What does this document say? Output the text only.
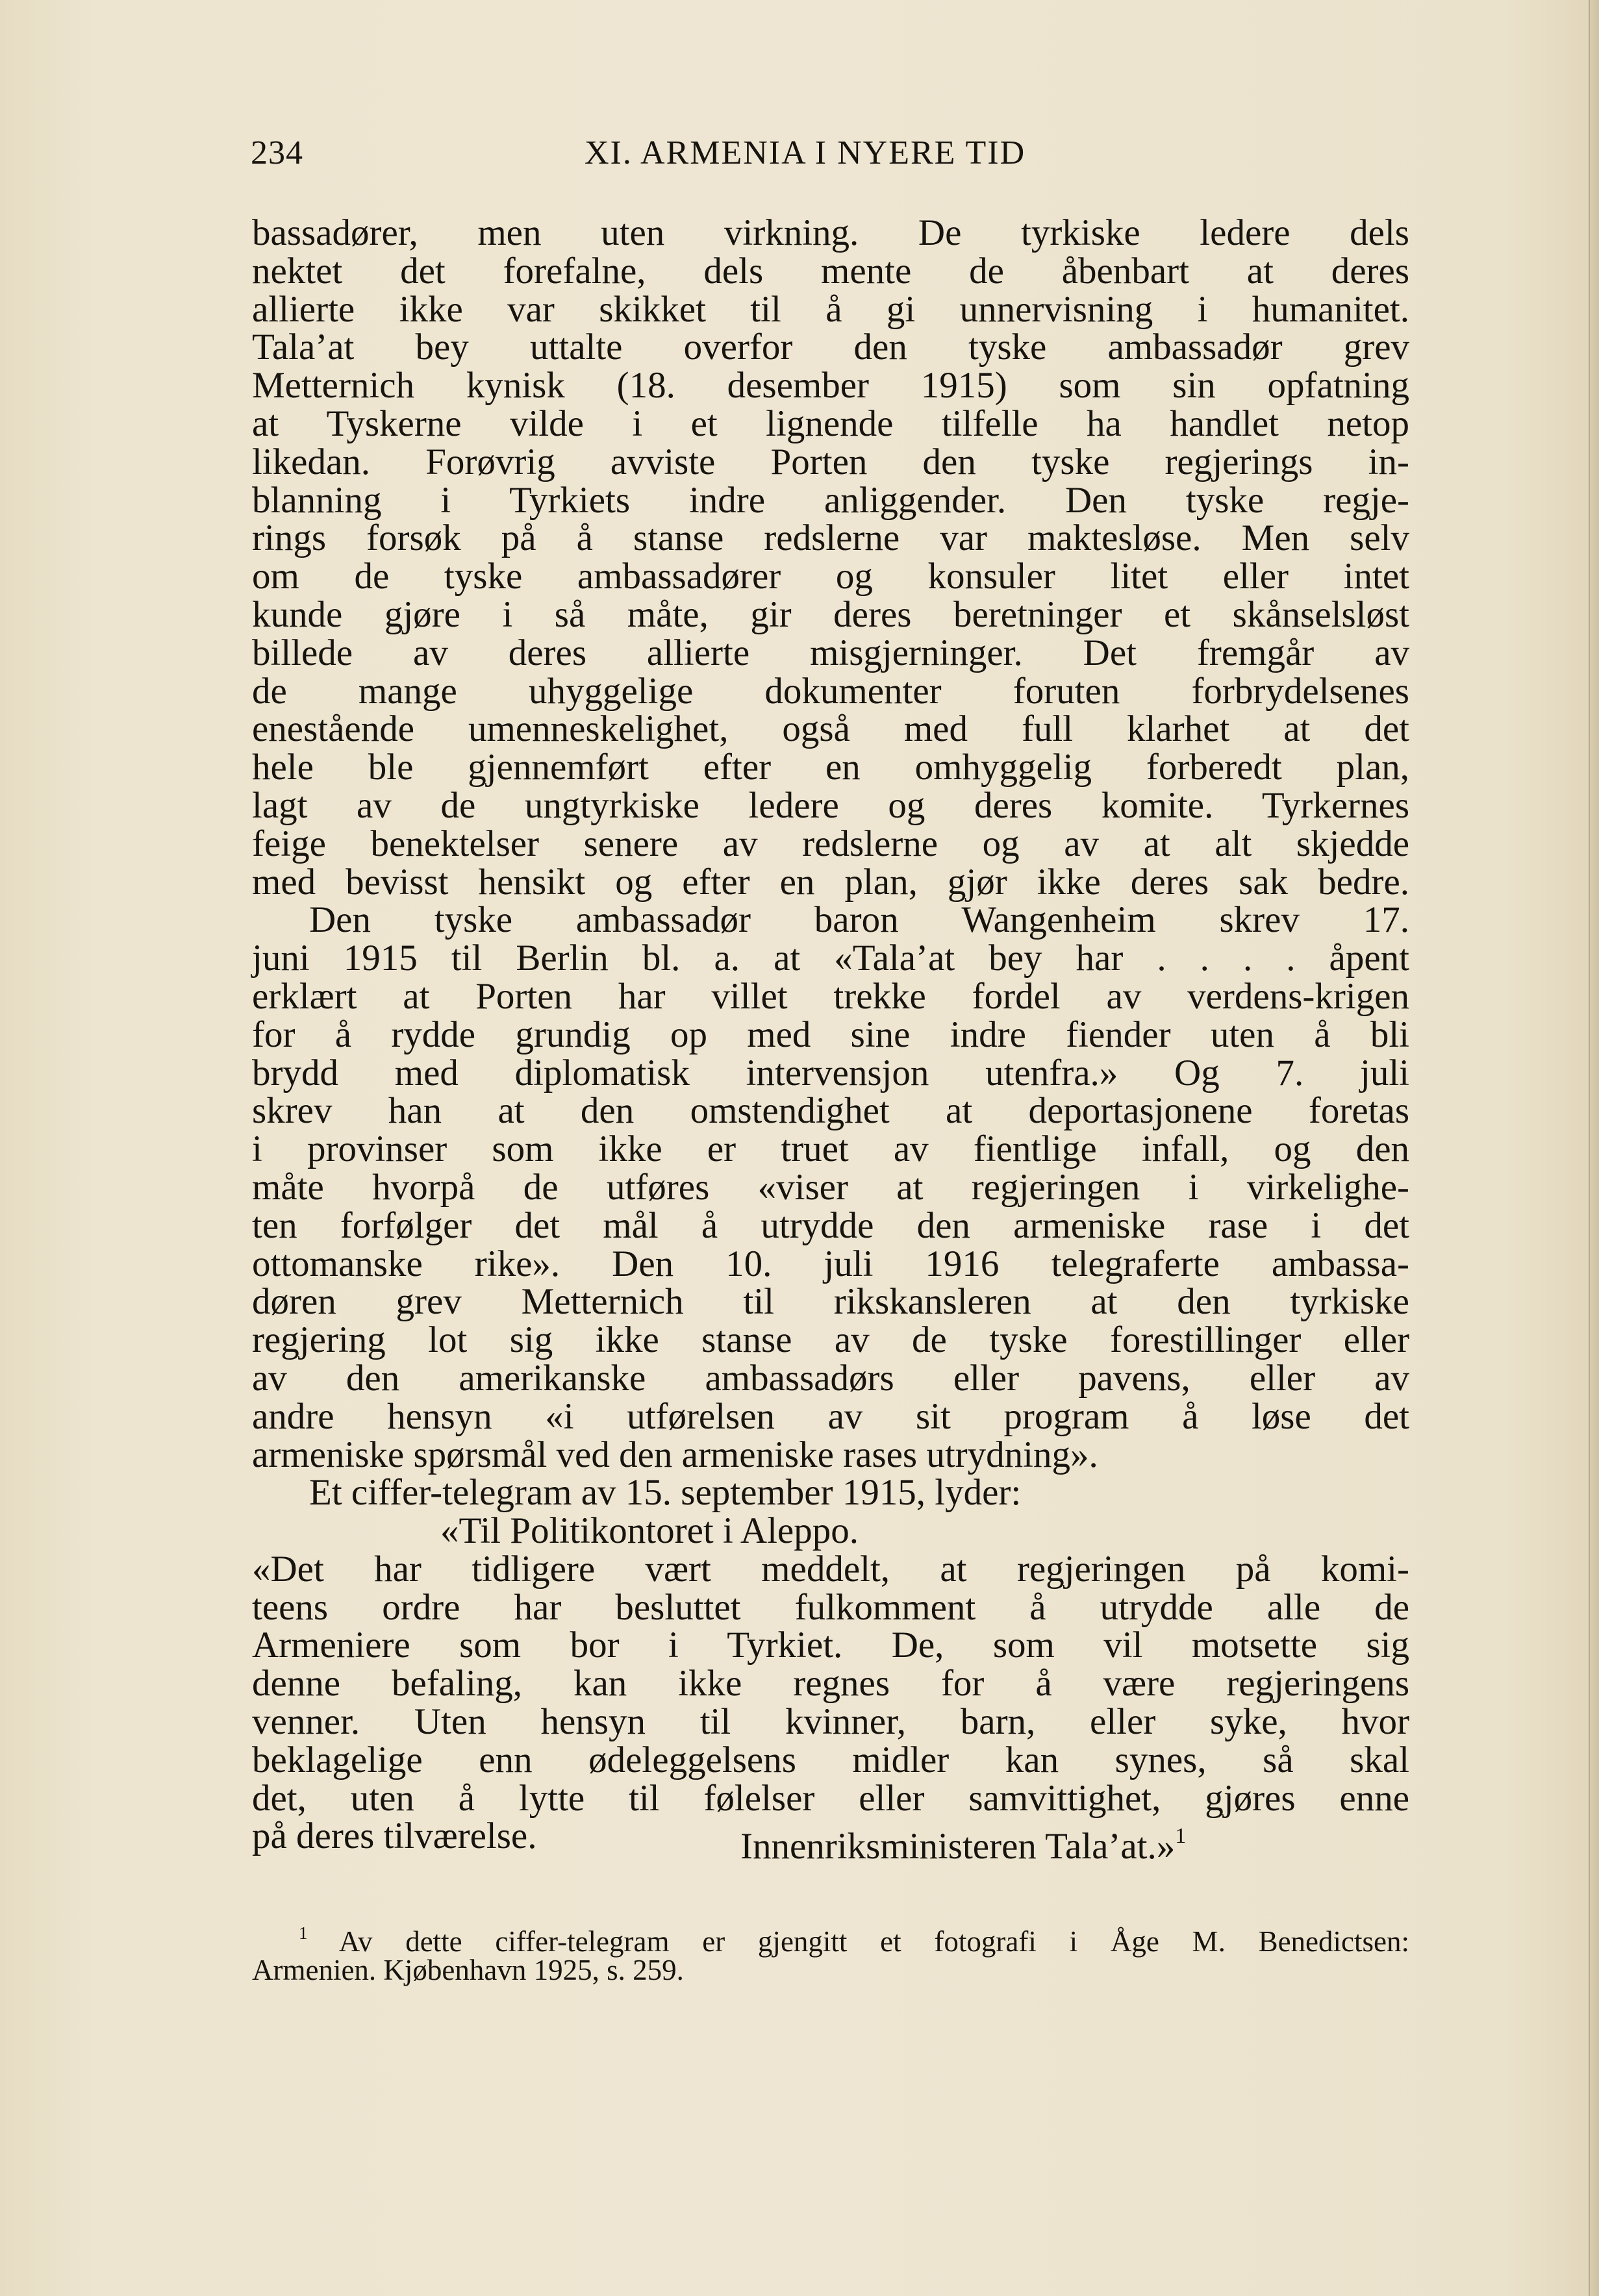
234	XI. ARMENIA I NYERE TID
bassadører, men uten virkning. De tyrkiske ledere dels
nektet det forefalne, dels mente de åbenbart at deres
allierte ikke var skikket til å gi unnervisning i humanitet.
Tala’at bey uttalte overfor den tyske ambassadør grev
Metternich kynisk (18. desember 1915) som sin opfatning
at Tyskerne vilde i et lignende tilfelle ha handlet netop
likedan. Forøvrig avviste Porten den tyske regjerings in-
blanning i Tyrkiets indre anliggender. Den tyske regje-
rings forsøk på å stanse redslerne var maktesløse. Men selv
om de tyske ambassadører og konsuler litet eller intet
kunde gjøre i så måte, gir deres beretninger et skånselsløst
billede av deres allierte misgjerninger. Det fremgår av
de mange uhyggelige dokumenter foruten forbrydelsenes
enestående umenneskelighet, også med full klarhet at det
hele ble gjennemført efter en omhyggelig forberedt plan,
lagt av de ungtyrkiske ledere og deres komite. Tyrkernes
feige benektelser senere av redslerne og av at alt skjedde
med bevisst hensikt og efter en plan, gjør ikke deres sak bedre.
Den tyske ambassadør baron Wangenheim skrev 17.
juni 1915 til Berlin bl. a. at «Tala’at bey har . . . . åpent
erklært at Porten har villet trekke fordel av verdens-krigen
for å rydde grundig op med sine indre fiender uten å bli
brydd med diplomatisk intervensjon utenfra.» Og 7. juli
skrev han at den omstendighet at deportasjonene foretas
i provinser som ikke er truet av fientlige infall, og den
måte hvorpå de utføres «viser at regjeringen i virkelighe-
ten forfølger det mål å utrydde den armeniske rase i det
ottomanske rike». Den 10. juli 1916 telegraferte ambassa-
døren grev Metternich til rikskansleren at den tyrkiske
regjering lot sig ikke stanse av de tyske forestillinger eller
av den amerikanske ambassadørs eller pavens, eller av
andre hensyn «i utførelsen av sit program å løse det
armeniske spørsmål ved den armeniske rases utrydning».
Et ciffer-telegram av 15. september 1915, lyder:
«Til Politikontoret i Aleppo.
«Det har tidligere vært meddelt, at regjeringen på komi-
teens ordre har besluttet fulkomment å utrydde alle de
Armeniere som bor i Tyrkiet. De, som vil motsette sig
denne befaling, kan ikke regnes for å være regjeringens
venner. Uten hensyn til kvinner, barn, eller syke, hvor
beklagelige enn ødeleggelsens midler kan synes, så skal
det, uten å lytte til følelser eller samvittighet, gjøres enne
på deres tilværelse.	Innenriksministeren Tala’at.»$^1$
$^1$ Av dette ciffer-telegram er gjengitt et fotografi i Åge M. Benedictsen:
Armenien. Kjøbenhavn 1925, s. 259.
